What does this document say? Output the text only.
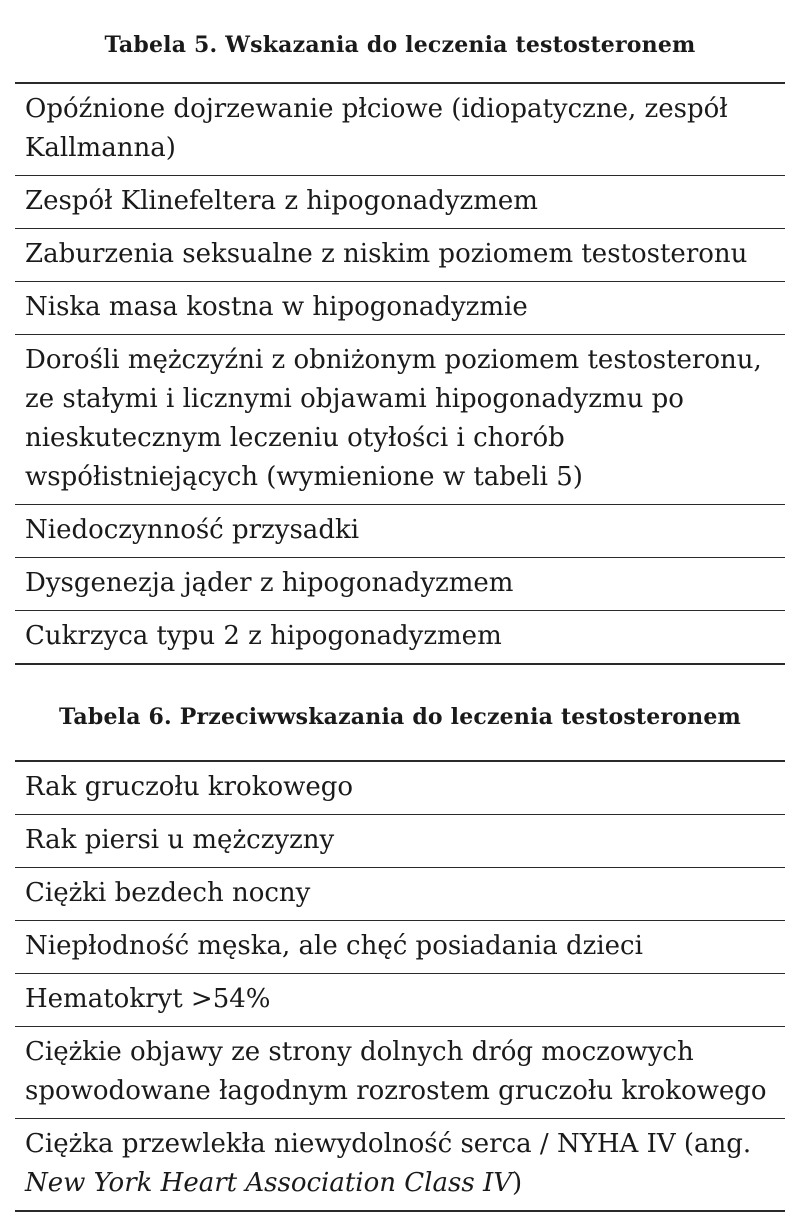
Tabela 5. Wskazania do leczenia testosteronem
Opóźnione dojrzewanie płciowe (idiopatyczne, zespół Kallmanna)
Zespół Klinefeltera z hipogonadyzmem
Zaburzenia seksualne z niskim poziomem testosteronu
Niska masa kostna w hipogonadyzmie
Dorośli mężczyźni z obniżonym poziomem testosteronu, ze stałymi i licznymi objawami hipogonadyzmu po nieskutecznym leczeniu otyłości i chorób współistniejących (wymienione w tabeli 5)
Niedoczynność przysadki
Dysgenezja jąder z hipogonadyzmem
Cukrzyca typu 2 z hipogonadyzmem
Tabela 6. Przeciwwskazania do leczenia testosteronem
Rak gruczołu krokowego
Rak piersi u mężczyzny
Ciężki bezdech nocny
Niepłodność męska, ale chęć posiadania dzieci
Hematokryt >54%
Ciężkie objawy ze strony dolnych dróg moczowych spowodowane łagodnym rozrostem gruczołu krokowego
Ciężka przewlekła niewydolność serca / NYHA IV (ang. New York Heart Association Class IV)
